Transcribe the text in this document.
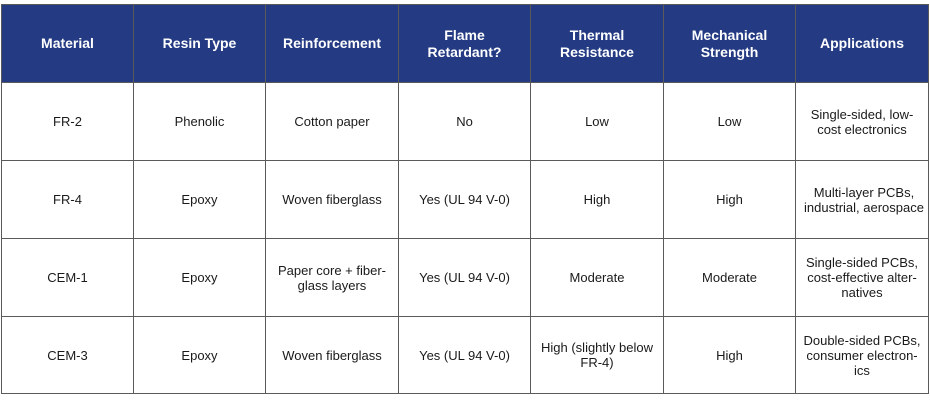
Material	Resin Type	Reinforcement	Flame Retardant?	Thermal Resistance	Mechanical Strength	Applications
FR-2	Phenolic	Cotton paper	No	Low	Low	Single-sided, low-cost electronics

FR-4	Epoxy	Woven fiberglass	Yes (UL 94 V-0)	High	High	Multi-layer PCBs, industrial, aerospace

CEM-1	Epoxy	Paper core + fiber-glass layers	Yes (UL 94 V-0)	Moderate	Moderate	Single-sided PCBs, cost-effective alter-natives

CEM-3	Epoxy	Woven fiberglass	Yes (UL 94 V-0)	High (slightly below FR-4)	High	Double-sided PCBs, consumer electron-ics
